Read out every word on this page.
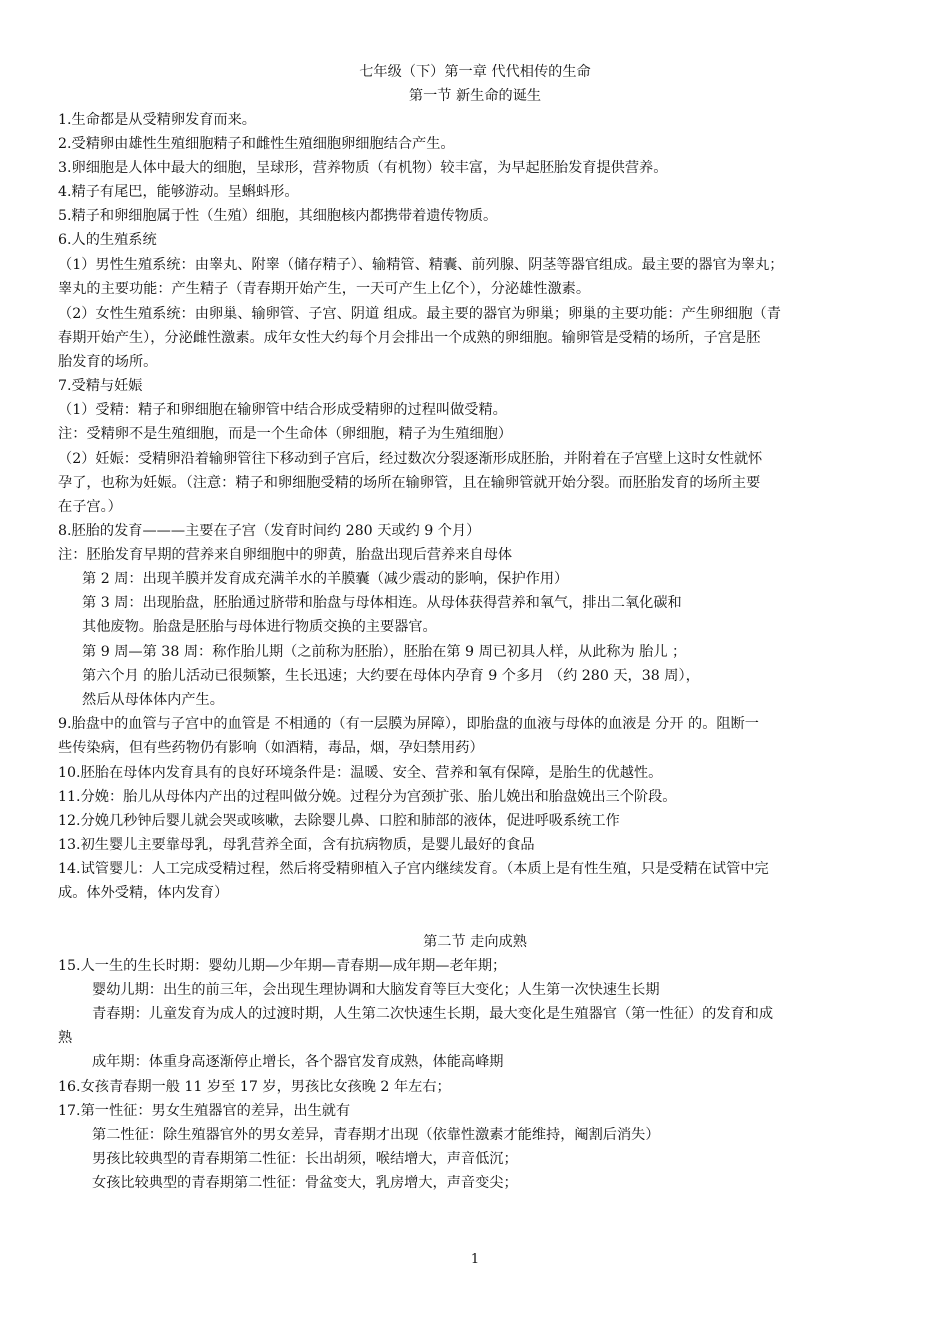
七年级（下）第一章 代代相传的生命
第一节 新生命的诞生
1.生命都是从受精卵发育而来。
2.受精卵由雄性生殖细胞精子和雌性生殖细胞卵细胞结合产生。
3.卵细胞是人体中最大的细胞，呈球形，营养物质（有机物）较丰富，为早起胚胎发育提供营养。
4.精子有尾巴，能够游动。呈蝌蚪形。
5.精子和卵细胞属于性（生殖）细胞，其细胞核内都携带着遗传物质。
6.人的生殖系统
（1）男性生殖系统：由睾丸、附睾（储存精子）、输精管、精囊、前列腺、阴茎等器官组成。最主要的器官为睾丸；
睾丸的主要功能：产生精子（青春期开始产生，一天可产生上亿个），分泌雄性激素。
（2）女性生殖系统：由卵巢、输卵管、子宫、阴道 组成。最主要的器官为卵巢；卵巢的主要功能：产生卵细胞（青
春期开始产生），分泌雌性激素。成年女性大约每个月会排出一个成熟的卵细胞。输卵管是受精的场所，子宫是胚
胎发育的场所。
7.受精与妊娠
（1）受精：精子和卵细胞在输卵管中结合形成受精卵的过程叫做受精。
注：受精卵不是生殖细胞，而是一个生命体（卵细胞，精子为生殖细胞）
（2）妊娠：受精卵沿着输卵管往下移动到子宫后，经过数次分裂逐渐形成胚胎，并附着在子宫壁上这时女性就怀
孕了，也称为妊娠。（注意：精子和卵细胞受精的场所在输卵管，且在输卵管就开始分裂。而胚胎发育的场所主要
在子宫。）
8.胚胎的发育———主要在子宫（发育时间约 280 天或约 9 个月）
注：胚胎发育早期的营养来自卵细胞中的卵黄，胎盘出现后营养来自母体
第 2 周：出现羊膜并发育成充满羊水的羊膜囊（减少震动的影响，保护作用）
第 3 周：出现胎盘，胚胎通过脐带和胎盘与母体相连。从母体获得营养和氧气，排出二氧化碳和
其他废物。胎盘是胚胎与母体进行物质交换的主要器官。
第 9 周—第 38 周：称作胎儿期（之前称为胚胎），胚胎在第 9 周已初具人样，从此称为 胎儿 ；
第六个月 的胎儿活动已很频繁，生长迅速；大约要在母体内孕育 9 个多月 （约 280 天，38 周），
然后从母体体内产生。
9.胎盘中的血管与子宫中的血管是 不相通的（有一层膜为屏障），即胎盘的血液与母体的血液是 分开 的。阻断一
些传染病，但有些药物仍有影响（如酒精，毒品，烟，孕妇禁用药）
10.胚胎在母体内发育具有的良好环境条件是：温暖、安全、营养和氧有保障，是胎生的优越性。
11.分娩：胎儿从母体内产出的过程叫做分娩。过程分为宫颈扩张、胎儿娩出和胎盘娩出三个阶段。
12.分娩几秒钟后婴儿就会哭或咳嗽，去除婴儿鼻、口腔和肺部的液体，促进呼吸系统工作
13.初生婴儿主要靠母乳，母乳营养全面，含有抗病物质，是婴儿最好的食品
14.试管婴儿：人工完成受精过程，然后将受精卵植入子宫内继续发育。（本质上是有性生殖，只是受精在试管中完
成。体外受精，体内发育）
第二节 走向成熟
15.人一生的生长时期：婴幼儿期—少年期—青春期—成年期—老年期；
婴幼儿期：出生的前三年，会出现生理协调和大脑发育等巨大变化；人生第一次快速生长期
青春期：儿童发育为成人的过渡时期，人生第二次快速生长期，最大变化是生殖器官（第一性征）的发育和成
熟
成年期：体重身高逐渐停止增长，各个器官发育成熟，体能高峰期
16.女孩青春期一般 11 岁至 17 岁，男孩比女孩晚 2 年左右；
17.第一性征：男女生殖器官的差异，出生就有
第二性征：除生殖器官外的男女差异，青春期才出现（依靠性激素才能维持，阉割后消失）
男孩比较典型的青春期第二性征：长出胡须，喉结增大，声音低沉；
女孩比较典型的青春期第二性征：骨盆变大，乳房增大，声音变尖；
1
